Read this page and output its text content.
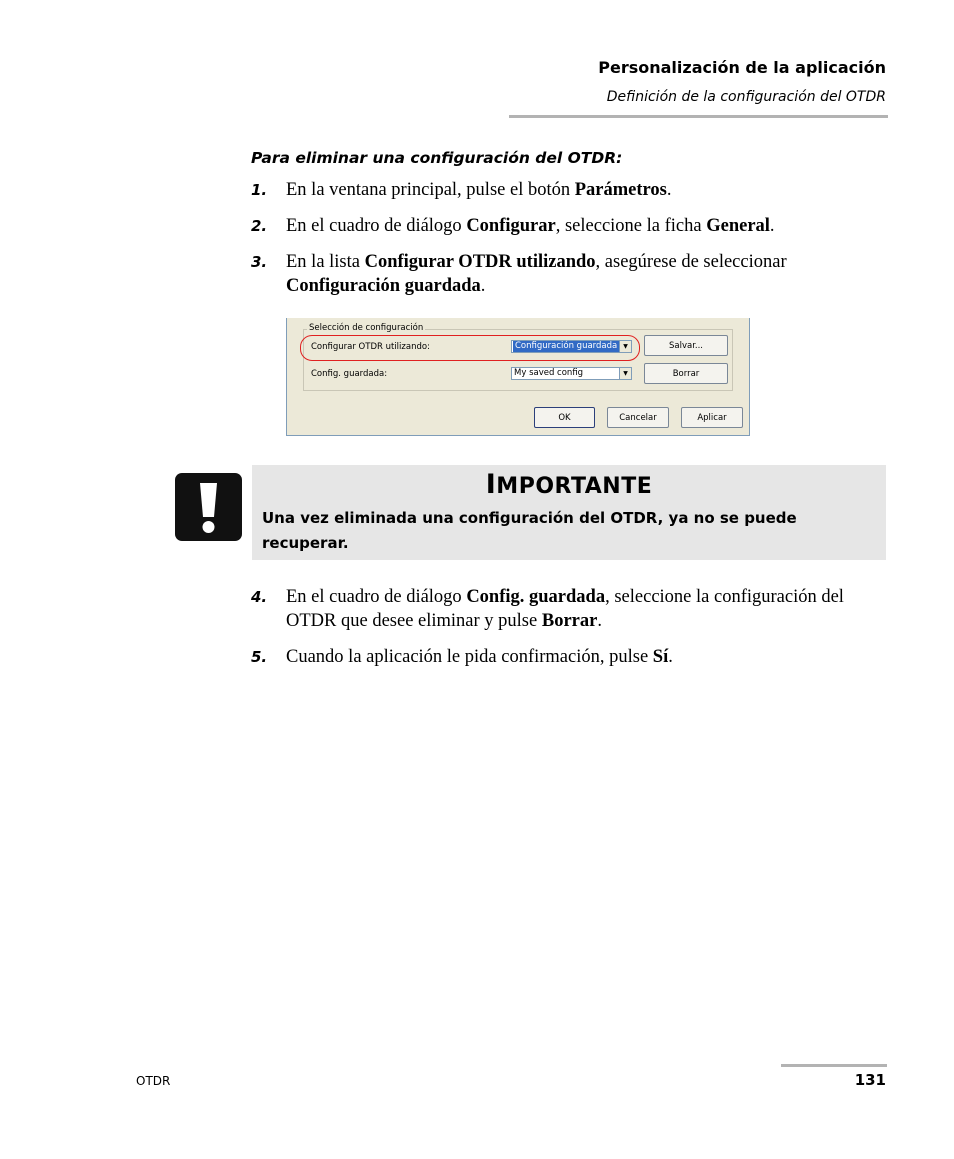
Personalización de la aplicación
Definición de la configuración del OTDR
Para eliminar una configuración del OTDR:
1. En la ventana principal, pulse el botón Parámetros.
2. En el cuadro de diálogo Configurar, seleccione la ficha General.
3. En la lista Configurar OTDR utilizando, asegúrese de seleccionar Configuración guardada.
Selección de configuración
Configurar OTDR utilizando:	Configuración guardada ▼	Salvar...
Config. guardada:	My saved config	▼	Borrar
OK	Cancelar	Aplicar
IMPORTANTE
Una vez eliminada una configuración del OTDR, ya no se puede recuperar.
4. En el cuadro de diálogo Config. guardada, seleccione la configuración del OTDR que desee eliminar y pulse Borrar.
5. Cuando la aplicación le pida confirmación, pulse Sí.
OTDR	131
